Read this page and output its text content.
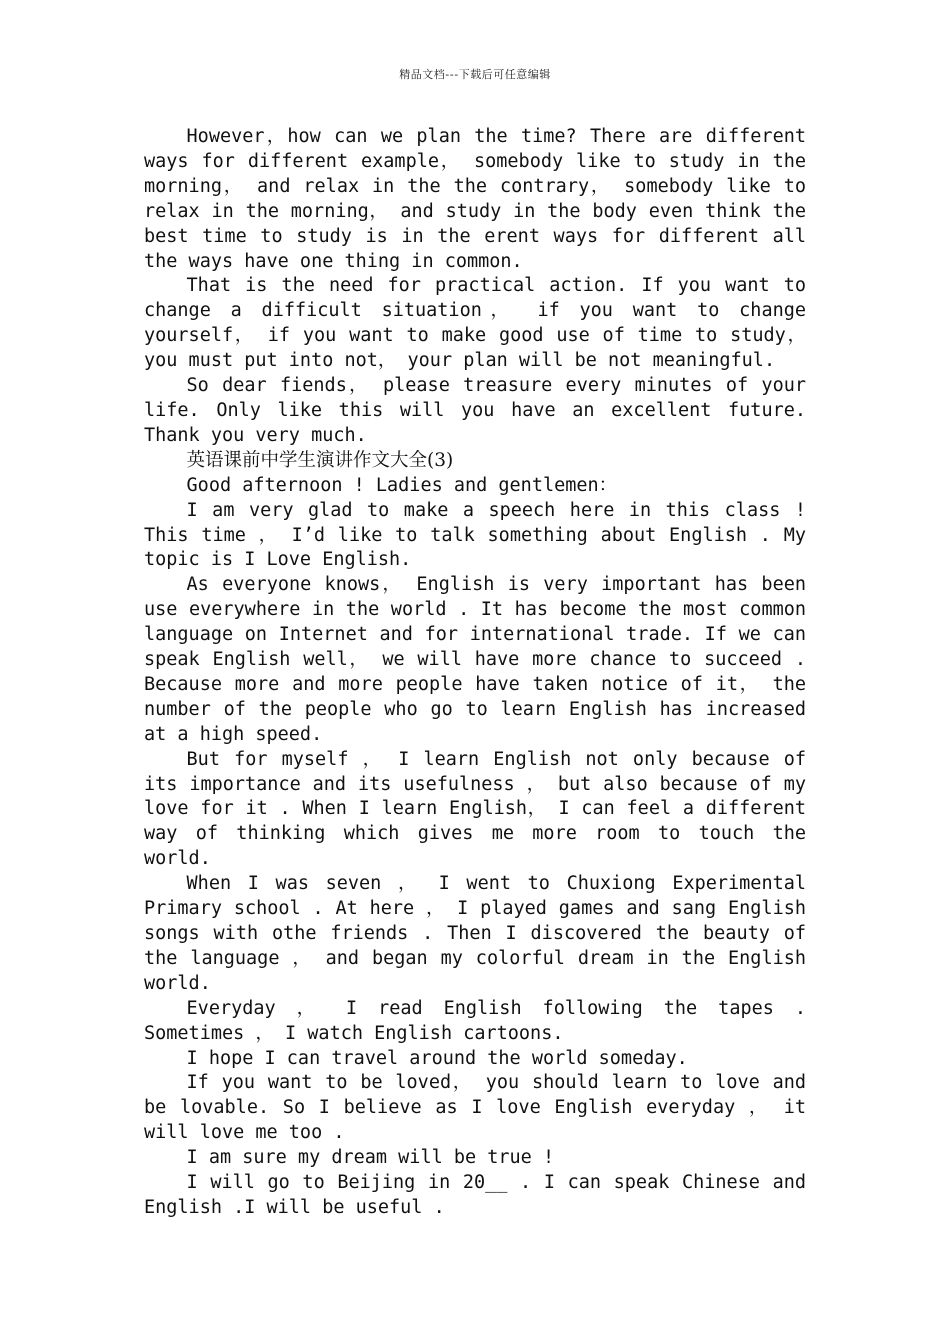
精品文档---下载后可任意编辑

However，how can we plan the time? There are different ways for different example， somebody like to study in the morning， and relax in the the contrary， somebody like to relax in the morning， and study in the body even think the best time to study is in the erent ways for different all the ways have one thing in common.

That is the need for practical action. If you want to change a difficult situation， if you want to change yourself， if you want to make good use of time to study， you must put into not， your plan will be not meaningful.

So dear fiends， please treasure every minutes of your life. Only like this will you have an excellent future. Thank you very much.

英语课前中学生演讲作文大全(3)

Good afternoon ! Ladies and gentlemen：

I am very glad to make a speech here in this class ! This time ， I’d like to talk something about English . My topic is I Love English.

As everyone knows， English is very important has been use everywhere in the world . It has become the most common language on Internet and for international trade. If we can speak English well， we will have more chance to succeed . Because more and more people have taken notice of it， the number of the people who go to learn English has increased at a high speed.

But for myself ， I learn English not only because of its importance and its usefulness ， but also because of my love for it . When I learn English， I can feel a different way of thinking which gives me more room to touch the world.

When I was seven ， I went to Chuxiong Experimental Primary school . At here ， I played games and sang English songs with othe friends . Then I discovered the beauty of the language ， and began my colorful dream in the English world.

Everyday ， I read English following the tapes . Sometimes ， I watch English cartoons.

I hope I can travel around the world someday.

If you want to be loved， you should learn to love and be lovable. So I believe as I love English everyday ， it will love me too .

I am sure my dream will be true !

I will go to Beijing in 20__ . I can speak Chinese and English .I will be useful .
